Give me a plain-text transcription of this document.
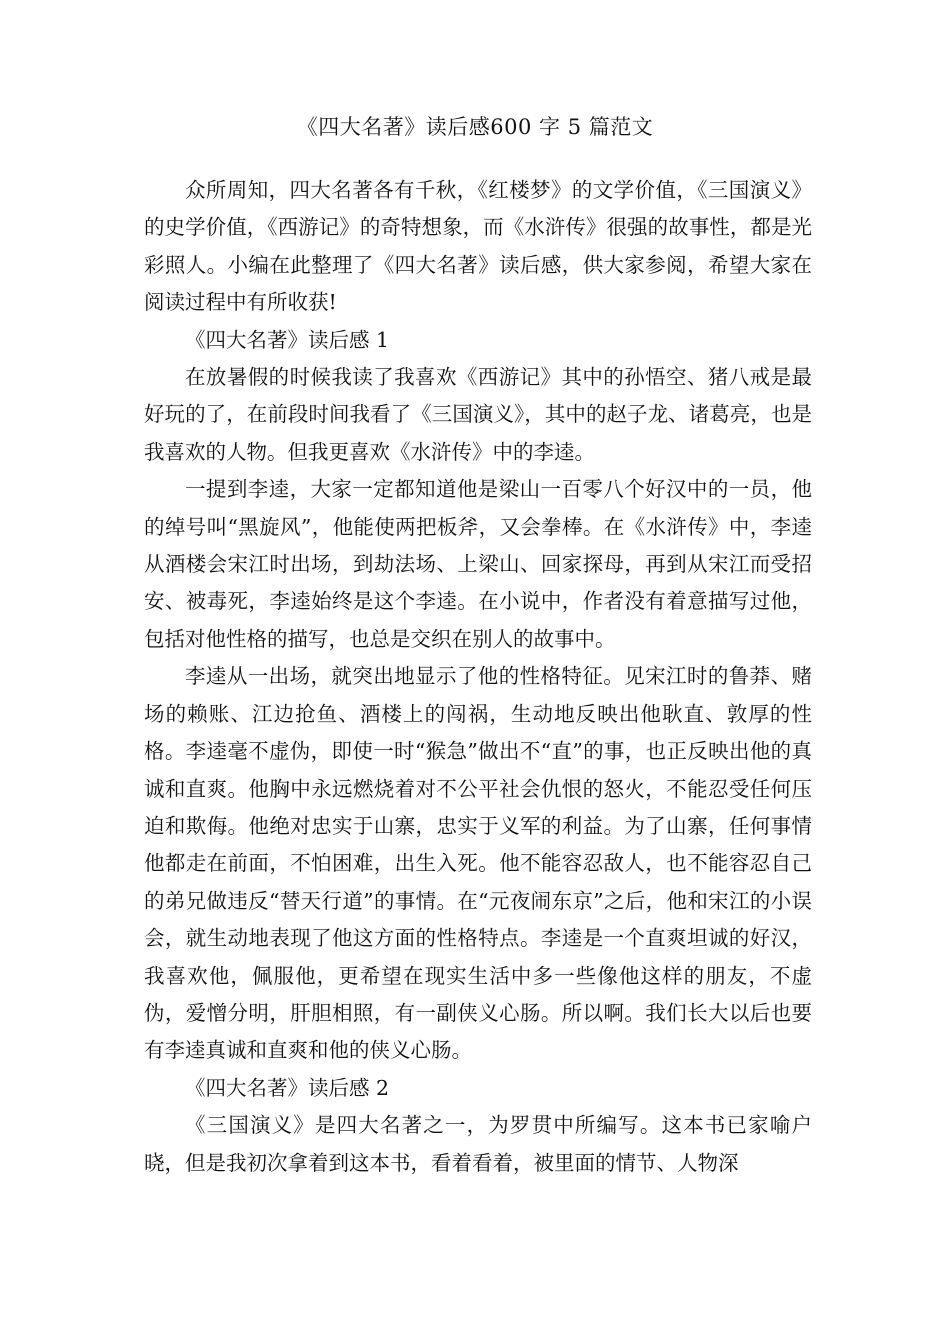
《四大名著》读后感600 字 5 篇范文

众所周知，四大名著各有千秋，《红楼梦》的文学价值，《三国演义》的史学价值，《西游记》的奇特想象，而《水浒传》很强的故事性，都是光彩照人。小编在此整理了《四大名著》读后感，供大家参阅，希望大家在阅读过程中有所收获!

《四大名著》读后感 1

在放暑假的时候我读了我喜欢《西游记》其中的孙悟空、猪八戒是最好玩的了，在前段时间我看了《三国演义》，其中的赵子龙、诸葛亮，也是我喜欢的人物。但我更喜欢《水浒传》中的李逵。

一提到李逵，大家一定都知道他是梁山一百零八个好汉中的一员，他的绰号叫“黑旋风”，他能使两把板斧，又会拳棒。在《水浒传》中，李逵从酒楼会宋江时出场，到劫法场、上梁山、回家探母，再到从宋江而受招安、被毒死，李逵始终是这个李逵。在小说中，作者没有着意描写过他，包括对他性格的描写，也总是交织在别人的故事中。

李逵从一出场，就突出地显示了他的性格特征。见宋江时的鲁莽、赌场的赖账、江边抢鱼、酒楼上的闯祸，生动地反映出他耿直、敦厚的性格。李逵毫不虚伪，即使一时“猴急”做出不“直”的事，也正反映出他的真诚和直爽。他胸中永远燃烧着对不公平社会仇恨的怒火，不能忍受任何压迫和欺侮。他绝对忠实于山寨，忠实于义军的利益。为了山寨，任何事情他都走在前面，不怕困难，出生入死。他不能容忍敌人，也不能容忍自己的弟兄做违反“替天行道”的事情。在“元夜闹东京”之后，他和宋江的小误会，就生动地表现了他这方面的性格特点。李逵是一个直爽坦诚的好汉，我喜欢他，佩服他，更希望在现实生活中多一些像他这样的朋友，不虚伪，爱憎分明，肝胆相照，有一副侠义心肠。所以啊。我们长大以后也要有李逵真诚和直爽和他的侠义心肠。

《四大名著》读后感 2

《三国演义》是四大名著之一，为罗贯中所编写。这本书已家喻户晓，但是我初次拿着到这本书，看着看着，被里面的情节、人物深
